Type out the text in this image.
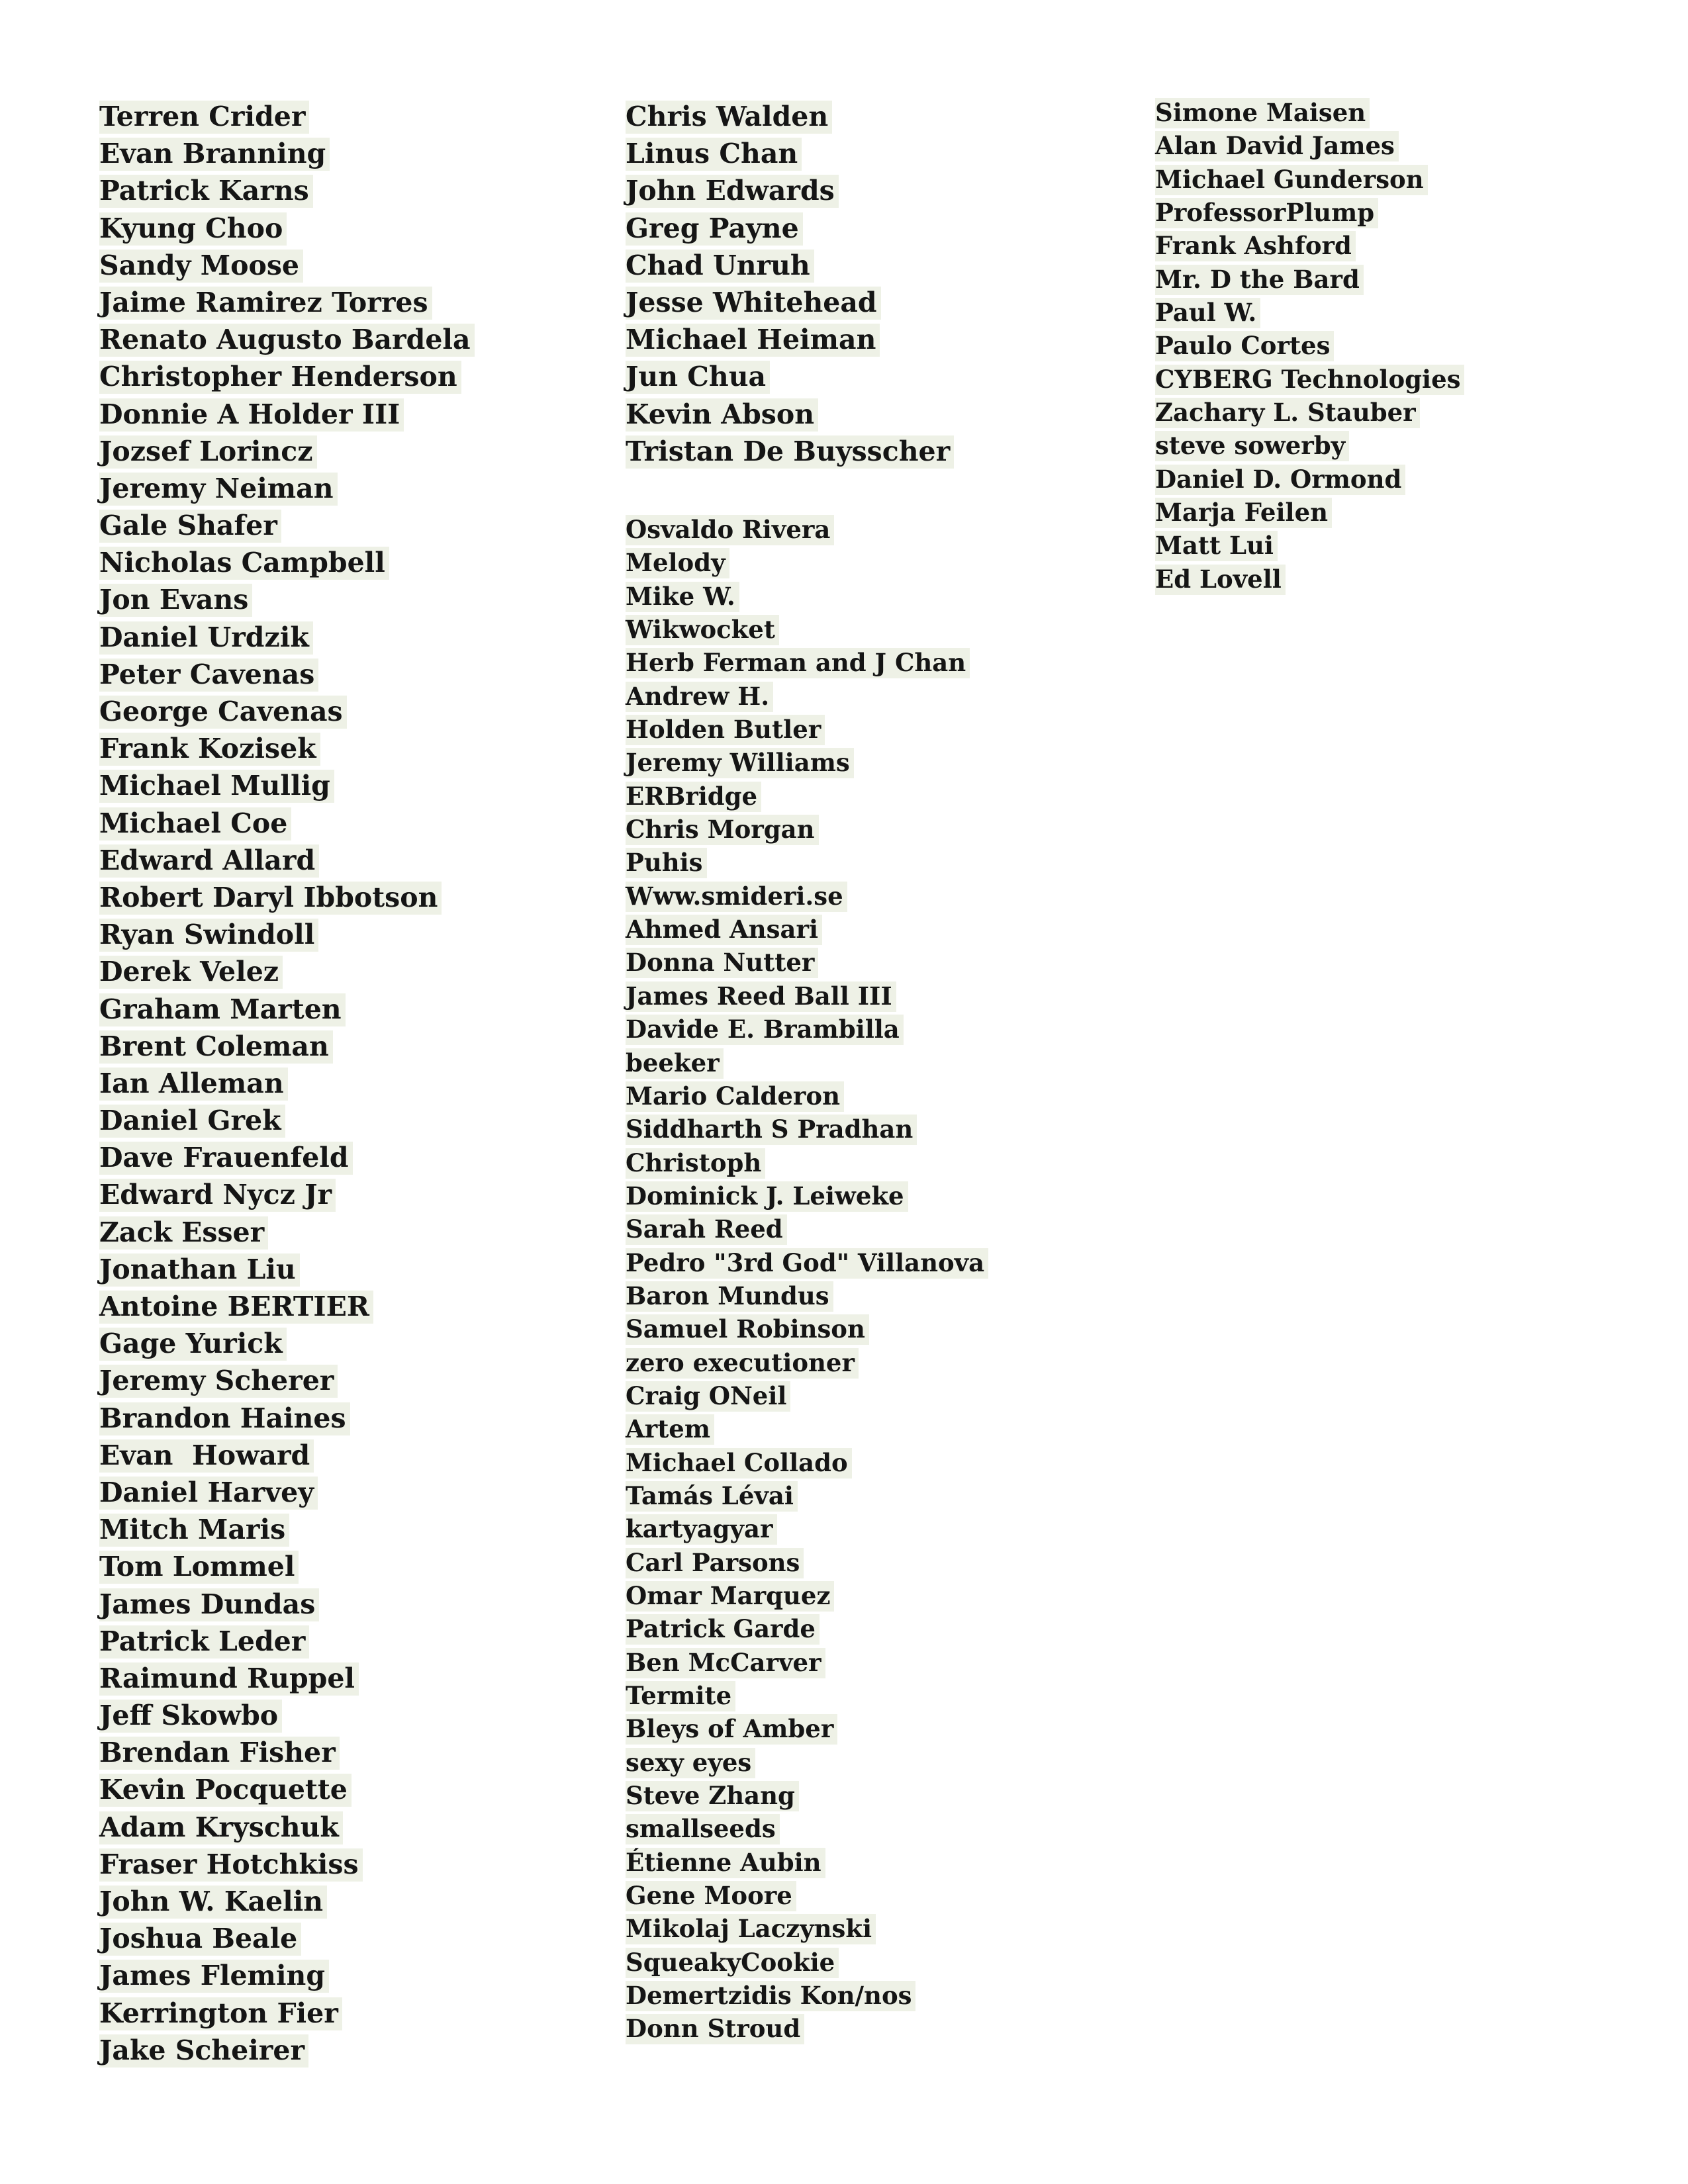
Terren Crider
Evan Branning
Patrick Karns
Kyung Choo
Sandy Moose
Jaime Ramirez Torres
Renato Augusto Bardela
Christopher Henderson
Donnie A Holder III
Jozsef Lorincz
Jeremy Neiman
Gale Shafer
Nicholas Campbell
Jon Evans
Daniel Urdzik
Peter Cavenas
George Cavenas
Frank Kozisek
Michael Mullig
Michael Coe
Edward Allard
Robert Daryl Ibbotson
Ryan Swindoll
Derek Velez
Graham Marten
Brent Coleman
Ian Alleman
Daniel Grek
Dave Frauenfeld
Edward Nycz Jr
Zack Esser
Jonathan Liu
Antoine BERTIER
Gage Yurick
Jeremy Scherer
Brandon Haines
Evan  Howard
Daniel Harvey
Mitch Maris
Tom Lommel
James Dundas
Patrick Leder
Raimund Ruppel
Jeff Skowbo
Brendan Fisher
Kevin Pocquette
Adam Kryschuk
Fraser Hotchkiss
John W. Kaelin
Joshua Beale
James Fleming
Kerrington Fier
Jake Scheirer
Chris Walden
Linus Chan
John Edwards
Greg Payne
Chad Unruh
Jesse Whitehead
Michael Heiman
Jun Chua
Kevin Abson
Tristan De Buysscher
Osvaldo Rivera
Melody
Mike W.
Wikwocket
Herb Ferman and J Chan
Andrew H.
Holden Butler
Jeremy Williams
ERBridge
Chris Morgan
Puhis
Www.smideri.se
Ahmed Ansari
Donna Nutter
James Reed Ball III
Davide E. Brambilla
beeker
Mario Calderon
Siddharth S Pradhan
Christoph
Dominick J. Leiweke
Sarah Reed
Pedro "3rd God" Villanova
Baron Mundus
Samuel Robinson
zero executioner
Craig ONeil
Artem
Michael Collado
Tamás Lévai
kartyagyar
Carl Parsons
Omar Marquez
Patrick Garde
Ben McCarver
Termite
Bleys of Amber
sexy eyes
Steve Zhang
smallseeds
Étienne Aubin
Gene Moore
Mikolaj Laczynski
SqueakyCookie
Demertzidis Kon/nos
Donn Stroud
Simone Maisen
Alan David James
Michael Gunderson
ProfessorPlump
Frank Ashford
Mr. D the Bard
Paul W.
Paulo Cortes
CYBERG Technologies
Zachary L. Stauber
steve sowerby
Daniel D. Ormond
Marja Feilen
Matt Lui
Ed Lovell
